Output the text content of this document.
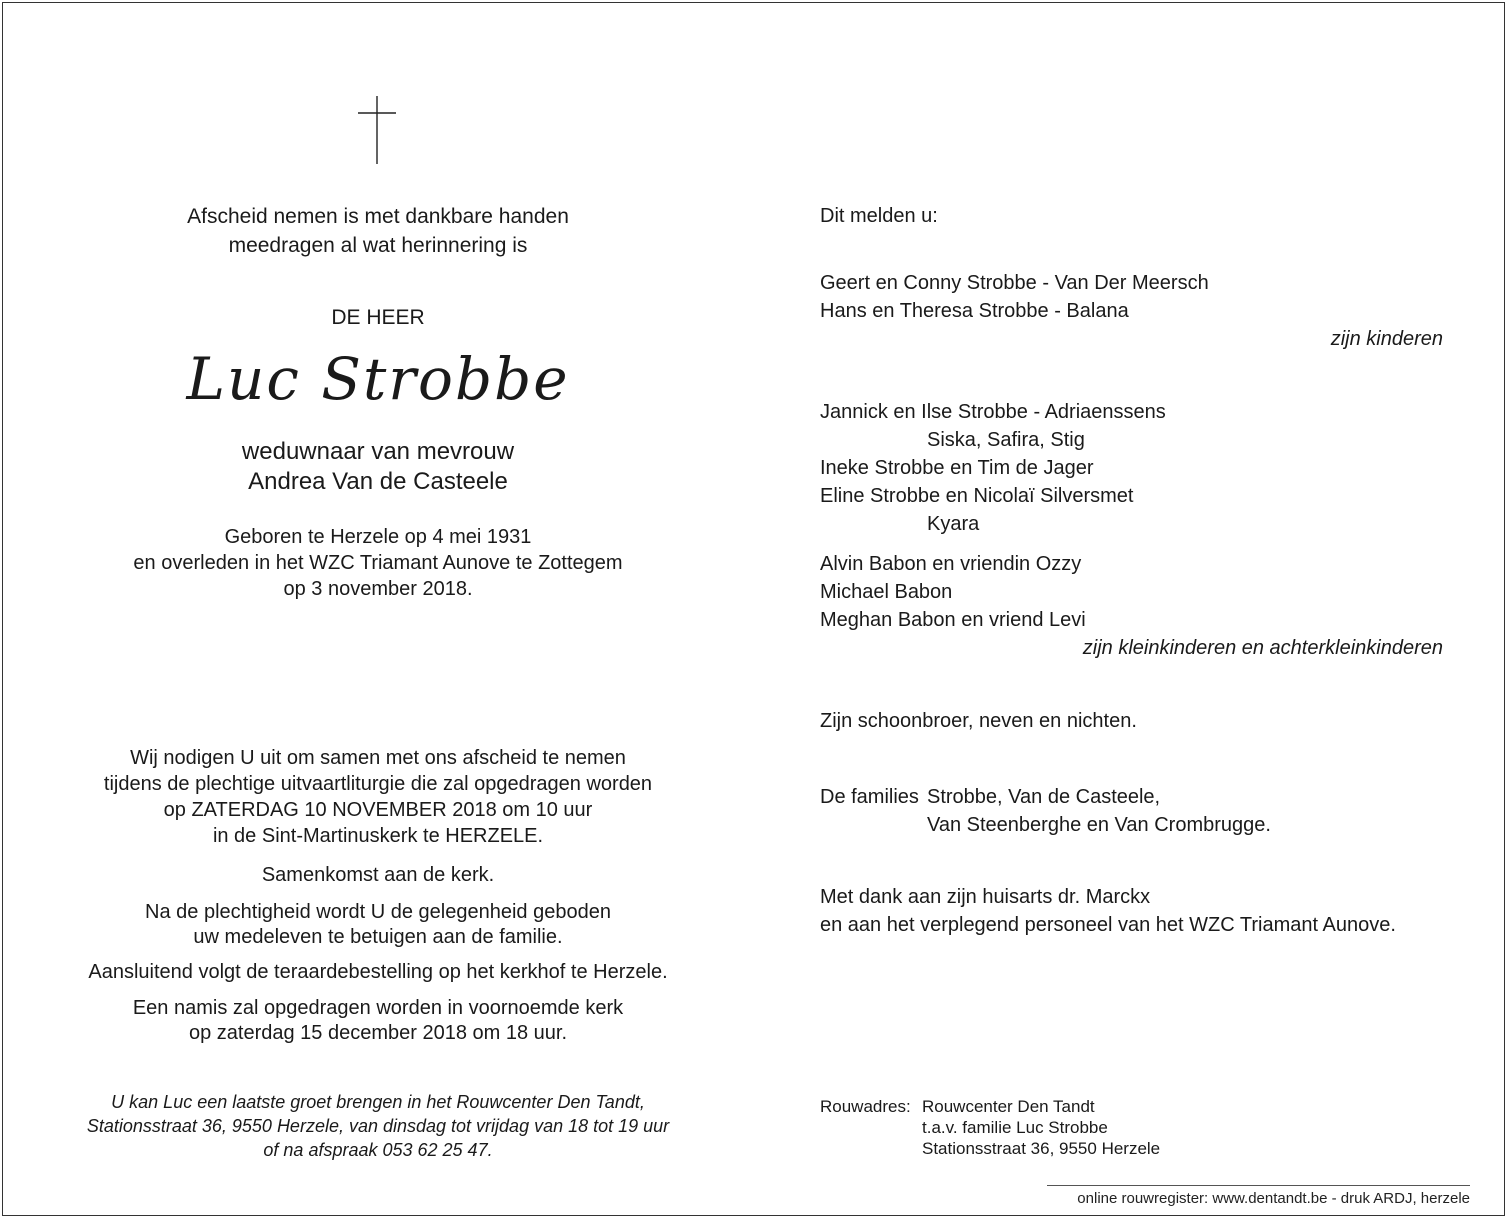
Afscheid nemen is met dankbare handen
meedragen al wat herinnering is
DE HEER
Luc Strobbe
weduwnaar van mevrouw
Andrea Van de Casteele
Geboren te Herzele op 4 mei 1931
en overleden in het WZC Triamant Aunove te Zottegem
op 3 november 2018.
Wij nodigen U uit om samen met ons afscheid te nemen
tijdens de plechtige uitvaartliturgie die zal opgedragen worden
op ZATERDAG 10 NOVEMBER 2018 om 10 uur
in de Sint-Martinuskerk te HERZELE.
Samenkomst aan de kerk.
Na de plechtigheid wordt U de gelegenheid geboden
uw medeleven te betuigen aan de familie.
Aansluitend volgt de teraardebestelling op het kerkhof te Herzele.
Een namis zal opgedragen worden in voornoemde kerk
op zaterdag 15 december 2018 om 18 uur.
U kan Luc een laatste groet brengen in het Rouwcenter Den Tandt,
Stationsstraat 36, 9550 Herzele, van dinsdag tot vrijdag van 18 tot 19 uur
of na afspraak 053 62 25 47.
Dit melden u:
Geert en Conny Strobbe - Van Der Meersch
Hans en Theresa Strobbe - Balana
zijn kinderen
Jannick en Ilse Strobbe - Adriaenssens
Siska, Safira, Stig
Ineke Strobbe en Tim de Jager
Eline Strobbe en Nicolaï Silversmet
Kyara
Alvin Babon en vriendin Ozzy
Michael Babon
Meghan Babon en vriend Levi
zijn kleinkinderen en achterkleinkinderen
Zijn schoonbroer, neven en nichten.
De families Strobbe, Van de Casteele,
Van Steenberghe en Van Crombrugge.
Met dank aan zijn huisarts dr. Marckx
en aan het verplegend personeel van het WZC Triamant Aunove.
Rouwadres: Rouwcenter Den Tandt
t.a.v. familie Luc Strobbe
Stationsstraat 36, 9550 Herzele
online rouwregister: www.dentandt.be - druk ARDJ, herzele
